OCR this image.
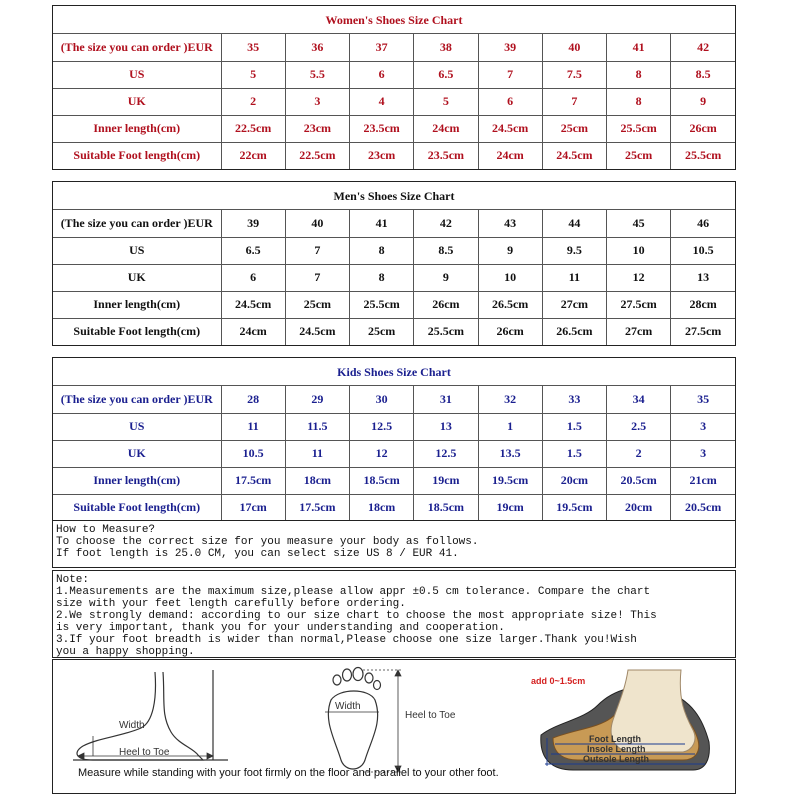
Women's Shoes Size Chart
(The size you can order )EUR	35	36	37	38	39	40	41	42
US	5	5.5	6	6.5	7	7.5	8	8.5
UK	2	3	4	5	6	7	8	9
Inner length(cm)	22.5cm	23cm	23.5cm	24cm	24.5cm	25cm	25.5cm	26cm
Suitable Foot length(cm)	22cm	22.5cm	23cm	23.5cm	24cm	24.5cm	25cm	25.5cm
Men's Shoes Size Chart
(The size you can order )EUR	39	40	41	42	43	44	45	46
US	6.5	7	8	8.5	9	9.5	10	10.5
UK	6	7	8	9	10	11	12	13
Inner length(cm)	24.5cm	25cm	25.5cm	26cm	26.5cm	27cm	27.5cm	28cm
Suitable Foot length(cm)	24cm	24.5cm	25cm	25.5cm	26cm	26.5cm	27cm	27.5cm
Kids Shoes Size Chart
(The size you can order )EUR	28	29	30	31	32	33	34	35
US	11	11.5	12.5	13	1	1.5	2.5	3
UK	10.5	11	12	12.5	13.5	1.5	2	3
Inner length(cm)	17.5cm	18cm	18.5cm	19cm	19.5cm	20cm	20.5cm	21cm
Suitable Foot length(cm)	17cm	17.5cm	18cm	18.5cm	19cm	19.5cm	20cm	20.5cm
How to Measure?
To choose the correct size for you measure your body as follows.
If foot length is 25.0 CM, you can select size US 8 / EUR 41.
Note:
1.Measurements are the maximum size,please allow appr ±0.5 cm tolerance. Compare the chart
size with your feet length carefully before ordering.
2.We strongly demand: according to our size chart to choose the most appropriate size! This
is very important, thank you for your understanding and cooperation.
3.If your foot breadth is wider than normal,Please choose one size larger.Thank you!Wish
you a happy shopping.
Width
Heel to Toe
Width
Heel to Toe
add 0~1.5cm
Foot Length
Insole Length
Outsole Length
Measure while standing with your foot firmly on the floor and parallel to your other foot.
